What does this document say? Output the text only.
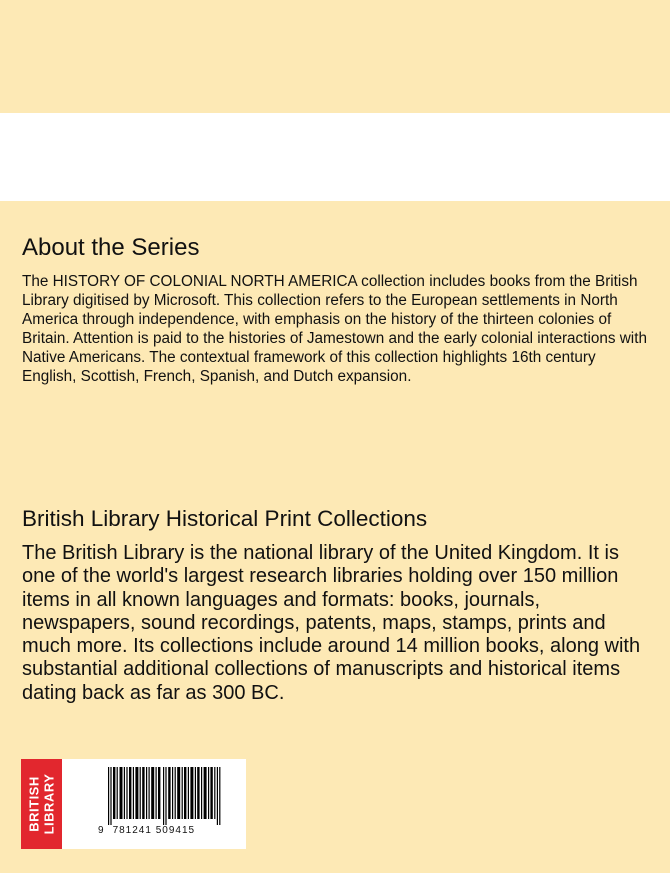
About the Series

The HISTORY OF COLONIAL NORTH AMERICA collection includes books from the British Library digitised by Microsoft. This collection refers to the European settlements in North America through independence, with emphasis on the history of the thirteen colonies of Britain. Attention is paid to the histories of Jamestown and the early colonial interactions with Native Americans. The contextual framework of this collection highlights 16th century English, Scottish, French, Spanish, and Dutch expansion.

British Library Historical Print Collections

The British Library is the national library of the United Kingdom. It is one of the world's largest research libraries holding over 150 million items in all known languages and formats: books, journals, newspapers, sound recordings, patents, maps, stamps, prints and much more. Its collections include around 14 million books, along with substantial additional collections of manuscripts and historical items dating back as far as 300 BC.

BRITISH LIBRARY	9 781241 509415
